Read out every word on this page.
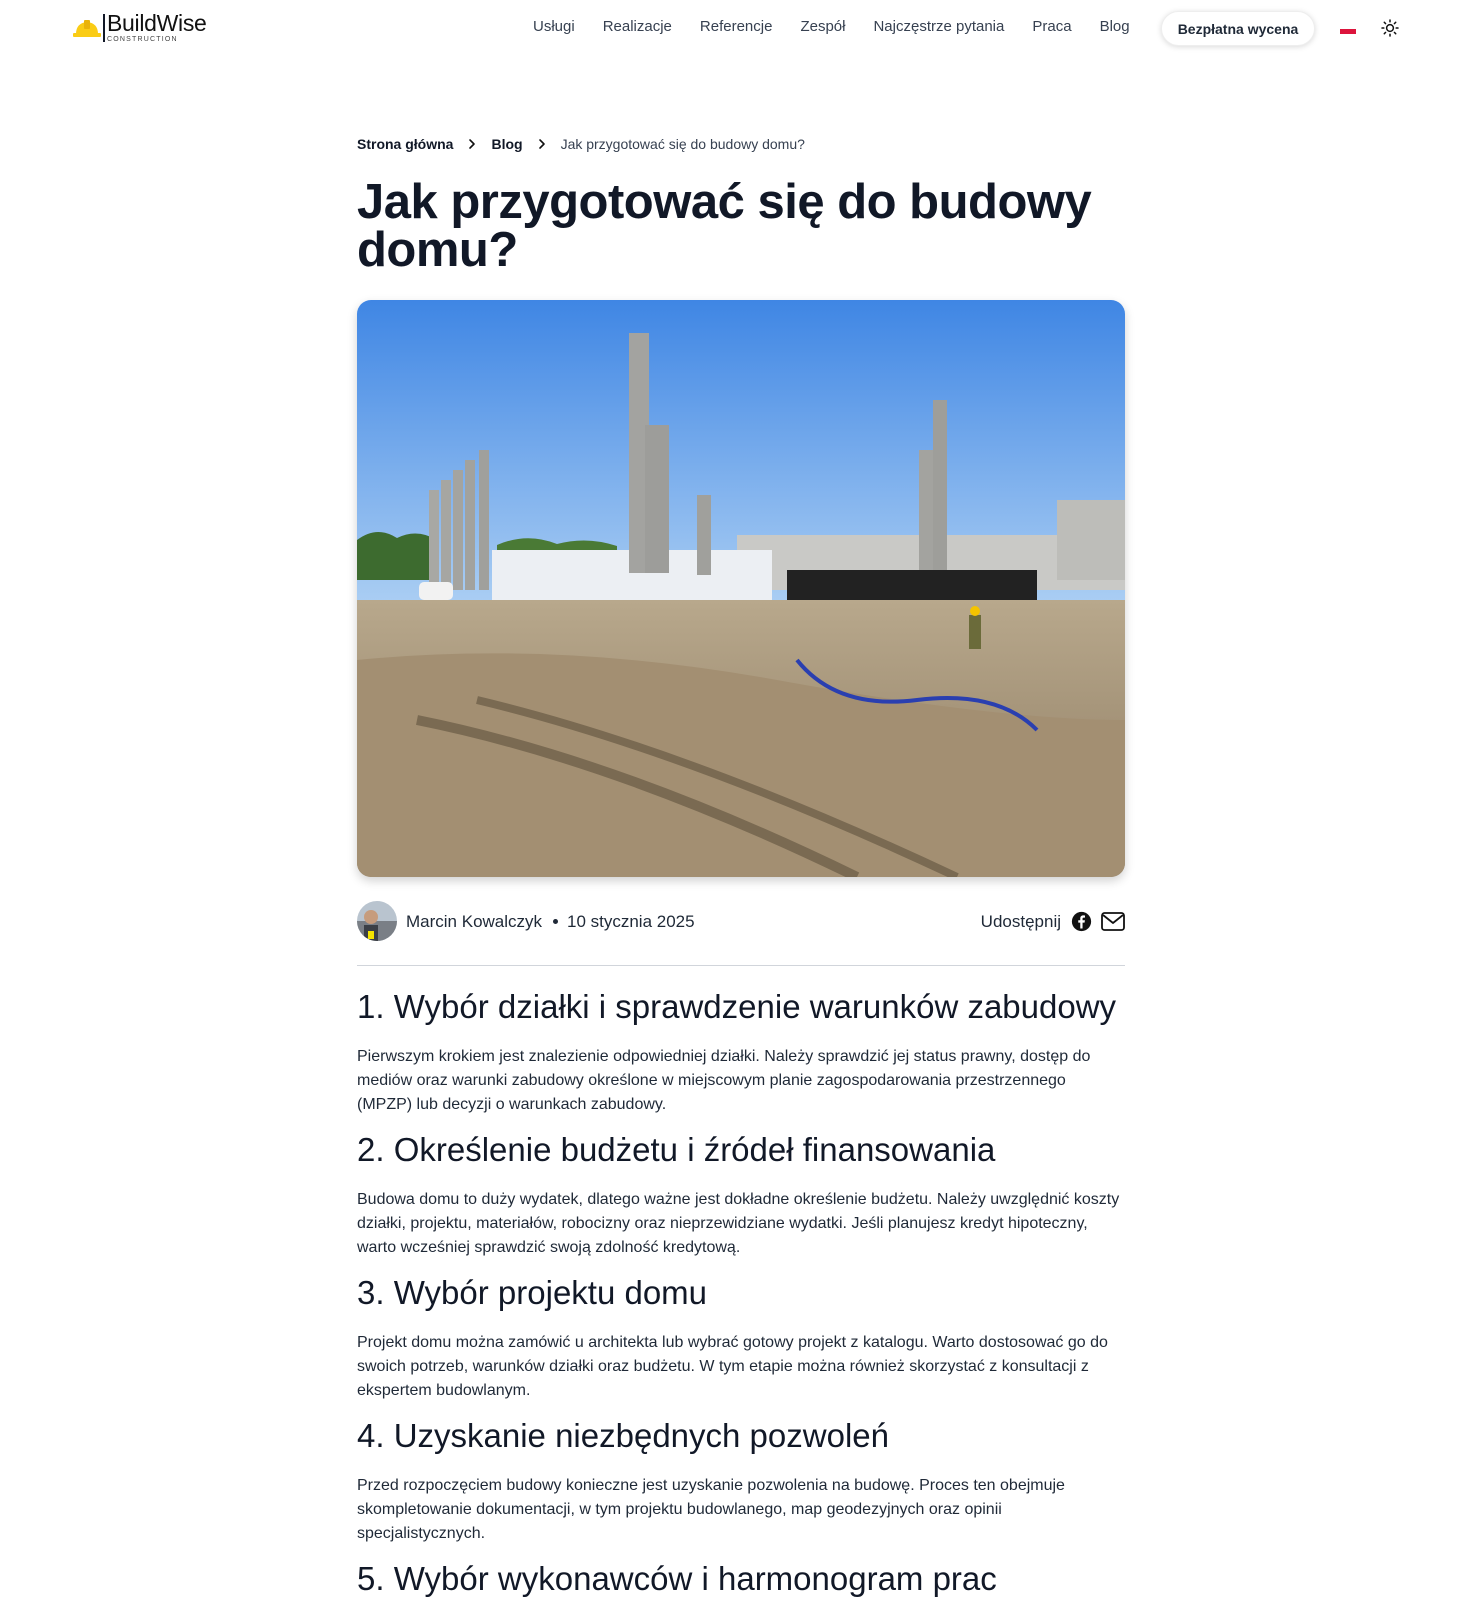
BuildWise
CONSTRUCTION
Usługi Realizacje Referencje Zespół Najczęstrze pytania Praca Blog	Bezpłatna wycena
Strona główna	Blog	Jak przygotować się do budowy domu?
Jak przygotować się do budowy domu?
Marcin Kowalczyk 10 stycznia 2025	Udostępnij
1. Wybór działki i sprawdzenie warunków zabudowy

Pierwszym krokiem jest znalezienie odpowiedniej działki. Należy sprawdzić jej status prawny, dostęp do mediów oraz warunki zabudowy określone w miejscowym planie zagospodarowania przestrzennego (MPZP) lub decyzji o warunkach zabudowy.

2. Określenie budżetu i źródeł finansowania

Budowa domu to duży wydatek, dlatego ważne jest dokładne określenie budżetu. Należy uwzględnić koszty działki, projektu, materiałów, robocizny oraz nieprzewidziane wydatki. Jeśli planujesz kredyt hipoteczny, warto wcześniej sprawdzić swoją zdolność kredytową.

3. Wybór projektu domu

Projekt domu można zamówić u architekta lub wybrać gotowy projekt z katalogu. Warto dostosować go do swoich potrzeb, warunków działki oraz budżetu. W tym etapie można również skorzystać z konsultacji z ekspertem budowlanym.

4. Uzyskanie niezbędnych pozwoleń

Przed rozpoczęciem budowy konieczne jest uzyskanie pozwolenia na budowę. Proces ten obejmuje skompletowanie dokumentacji, w tym projektu budowlanego, map geodezyjnych oraz opinii specjalistycznych.

5. Wybór wykonawców i harmonogram prac
